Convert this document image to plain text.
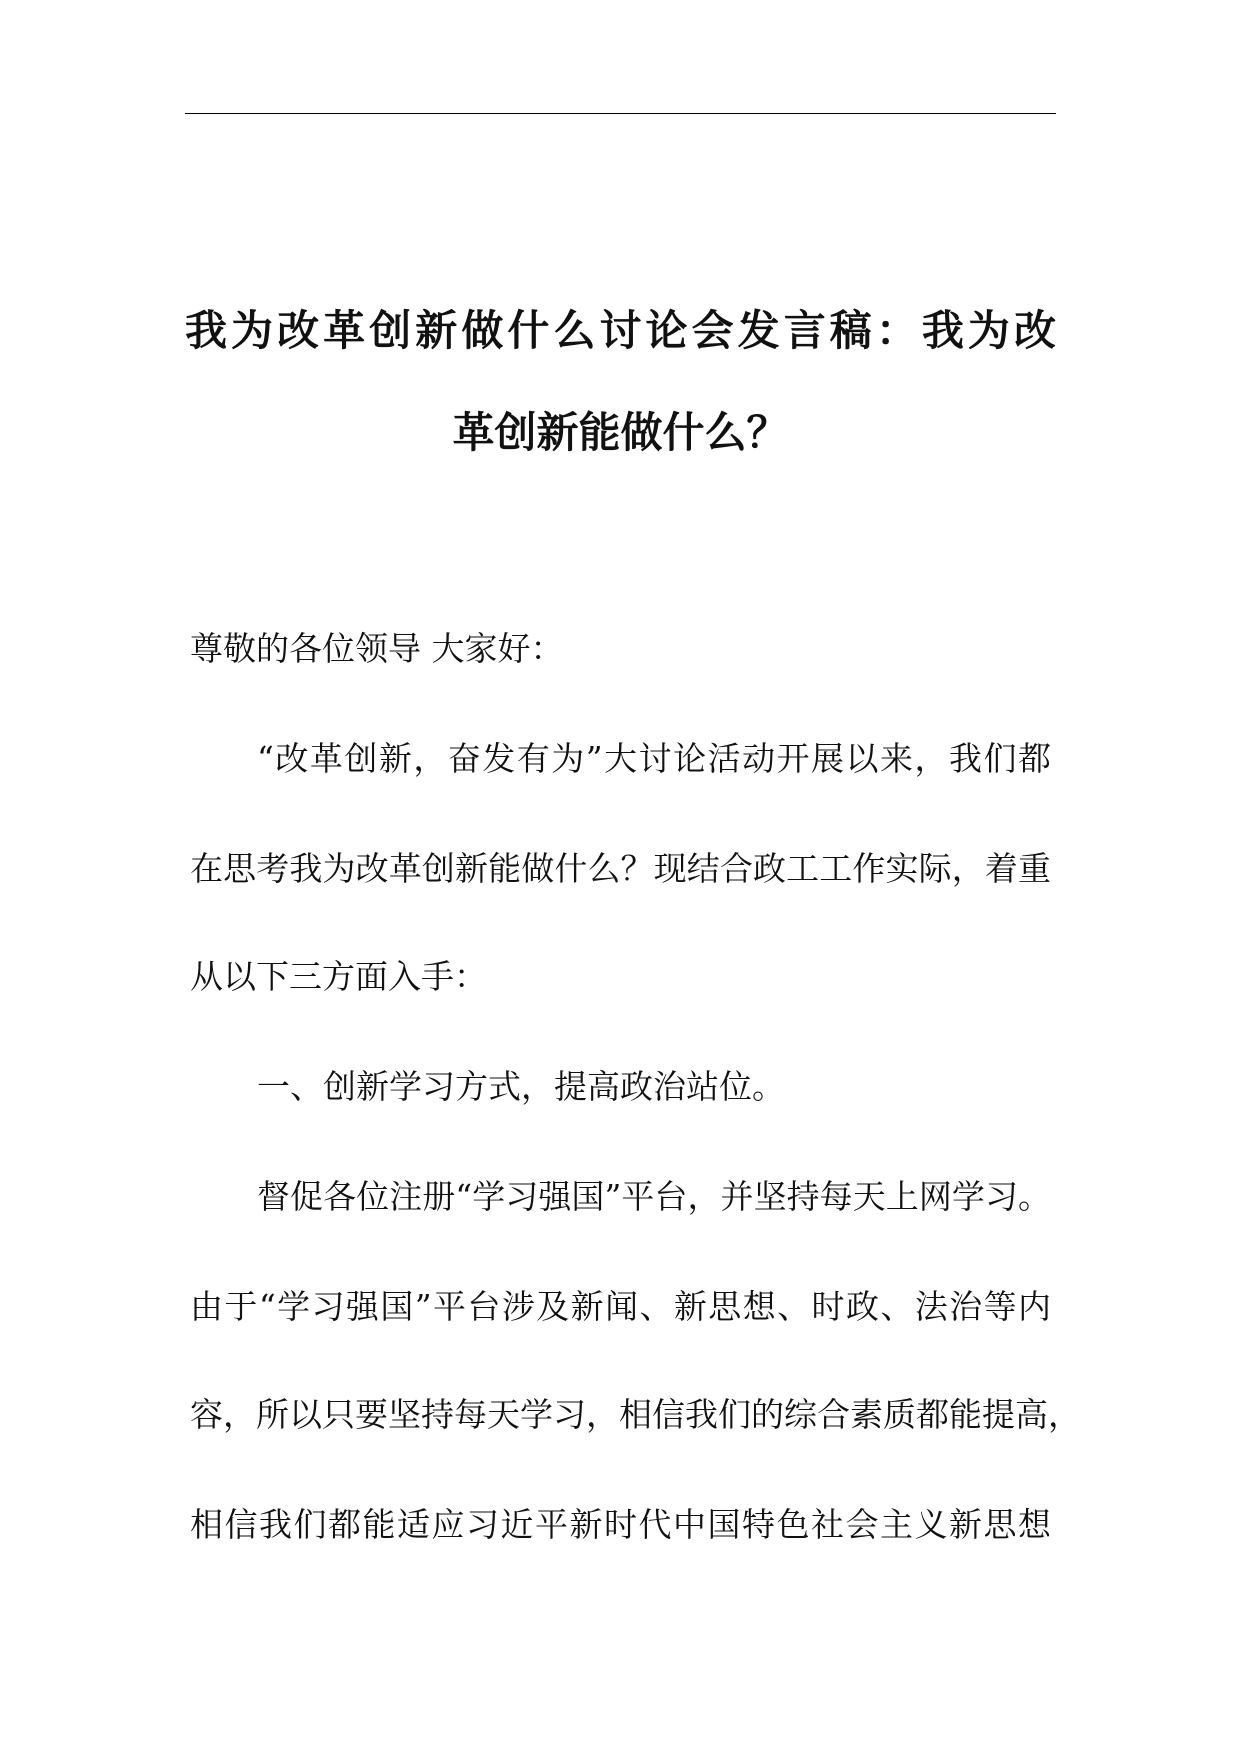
我为改革创新做什么讨论会发言稿：我为改
革创新能做什么？
尊敬的各位领导 大家好：
“改革创新，奋发有为”大讨论活动开展以来，我们都
在思考我为改革创新能做什么？现结合政工工作实际，着重
从以下三方面入手：
一、创新学习方式，提高政治站位。
督促各位注册“学习强国”平台，并坚持每天上网学习。
由于“学习强国”平台涉及新闻、新思想、时政、法治等内
容，所以只要坚持每天学习，相信我们的综合素质都能提高，
相信我们都能适应习近平新时代中国特色社会主义新思想
